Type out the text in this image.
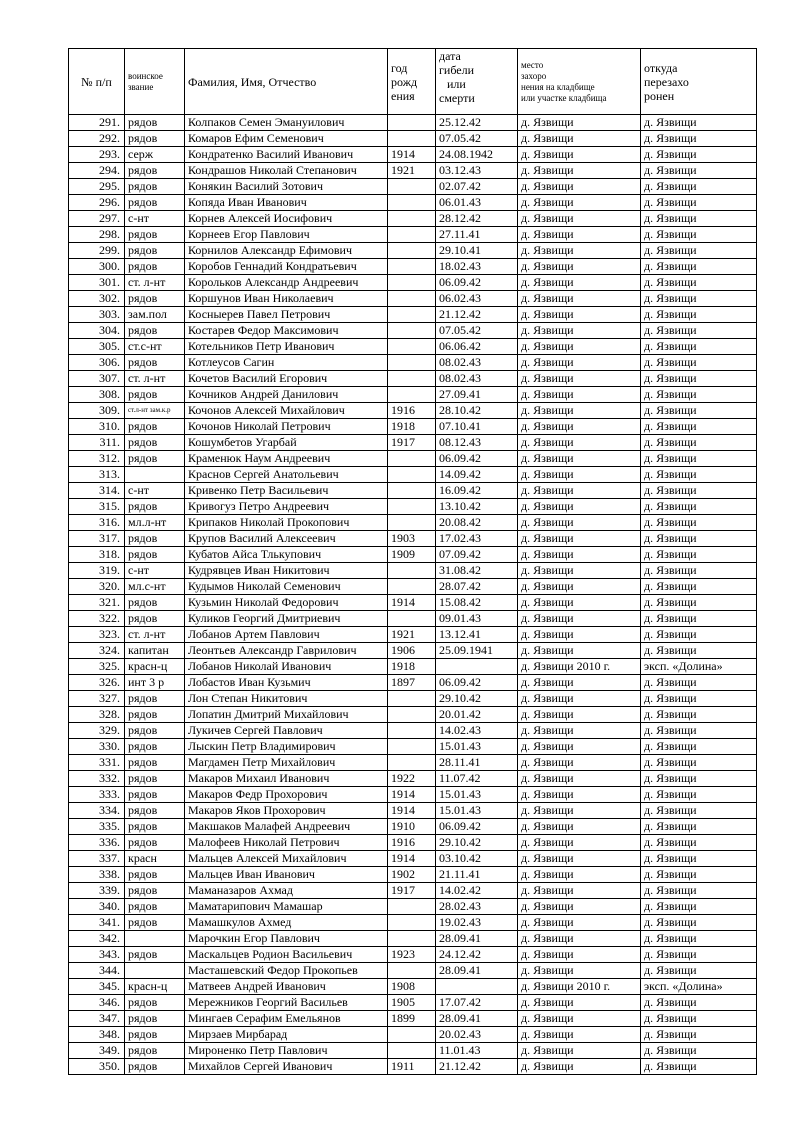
№ п/п	воинское
звание	Фамилия, Имя, Отчество	год
рожд
ения	дата
гибели
или
смерти	место
захоро
нения на кладбище
или участке кладбища	откуда
перезахо
ронен

291.	рядов	Колпаков Семен Эмануилович		25.12.42	д. Язвищи	д. Язвищи
292.	рядов	Комаров Ефим Семенович		07.05.42	д. Язвищи	д. Язвищи
293.	серж	Кондратенко Василий Иванович	1914	24.08.1942	д. Язвищи	д. Язвищи
294.	рядов	Кондрашов Николай Степанович	1921	03.12.43	д. Язвищи	д. Язвищи
295.	рядов	Конякин Василий Зотович		02.07.42	д. Язвищи	д. Язвищи
296.	рядов	Копяда Иван Иванович		06.01.43	д. Язвищи	д. Язвищи
297.	с-нт	Корнев Алексей Иосифович		28.12.42	д. Язвищи	д. Язвищи
298.	рядов	Корнеев Егор Павлович		27.11.41	д. Язвищи	д. Язвищи
299.	рядов	Корнилов Александр Ефимович		29.10.41	д. Язвищи	д. Язвищи
300.	рядов	Коробов Геннадий Кондратьевич		18.02.43	д. Язвищи	д. Язвищи
301.	ст. л-нт	Корольков Александр Андреевич		06.09.42	д. Язвищи	д. Язвищи
302.	рядов	Коршунов Иван Николаевич		06.02.43	д. Язвищи	д. Язвищи
303.	зам.пол	Косныерев Павел Петрович		21.12.42	д. Язвищи	д. Язвищи
304.	рядов	Костарев Федор Максимович		07.05.42	д. Язвищи	д. Язвищи
305.	ст.с-нт	Котельников Петр Иванович		06.06.42	д. Язвищи	д. Язвищи
306.	рядов	Котлеусов Сагин		08.02.43	д. Язвищи	д. Язвищи
307.	ст. л-нт	Кочетов Василий Егорович		08.02.43	д. Язвищи	д. Язвищи
308.	рядов	Кочников Андрей Данилович		27.09.41	д. Язвищи	д. Язвищи
309.	ст.л-нт зам.к.р	Кочонов Алексей Михайлович	1916	28.10.42	д. Язвищи	д. Язвищи
310.	рядов	Кочонов Николай Петрович	1918	07.10.41	д. Язвищи	д. Язвищи
311.	рядов	Кошумбетов Угарбай	1917	08.12.43	д. Язвищи	д. Язвищи
312.	рядов	Краменюк Наум Андреевич		06.09.42	д. Язвищи	д. Язвищи
313.		Краснов Сергей Анатольевич		14.09.42	д. Язвищи	д. Язвищи
314.	с-нт	Кривенко Петр Васильевич		16.09.42	д. Язвищи	д. Язвищи
315.	рядов	Кривогуз Петро Андреевич		13.10.42	д. Язвищи	д. Язвищи
316.	мл.л-нт	Крипаков Николай Прокопович		20.08.42	д. Язвищи	д. Язвищи
317.	рядов	Крупов Василий Алексеевич	1903	17.02.43	д. Язвищи	д. Язвищи
318.	рядов	Кубатов Айса Тлькупович	1909	07.09.42	д. Язвищи	д. Язвищи
319.	с-нт	Кудрявцев Иван Никитович		31.08.42	д. Язвищи	д. Язвищи
320.	мл.с-нт	Кудымов Николай Семенович		28.07.42	д. Язвищи	д. Язвищи
321.	рядов	Кузьмин Николай Федорович	1914	15.08.42	д. Язвищи	д. Язвищи
322.	рядов	Куликов Георгий Дмитриевич		09.01.43	д. Язвищи	д. Язвищи
323.	ст. л-нт	Лобанов Артем Павлович	1921	13.12.41	д. Язвищи	д. Язвищи
324.	капитан	Леонтьев Александр Гаврилович	1906	25.09.1941	д. Язвищи	д. Язвищи
325.	красн-ц	Лобанов Николай Иванович	1918		д. Язвищи 2010 г.	эксп. «Долина»
326.	инт 3 р	Лобастов Иван Кузьмич	1897	06.09.42	д. Язвищи	д. Язвищи
327.	рядов	Лон Степан Никитович		29.10.42	д. Язвищи	д. Язвищи
328.	рядов	Лопатин Дмитрий Михайлович		20.01.42	д. Язвищи	д. Язвищи
329.	рядов	Лукичев Сергей Павлович		14.02.43	д. Язвищи	д. Язвищи
330.	рядов	Лыскин Петр Владимирович		15.01.43	д. Язвищи	д. Язвищи
331.	рядов	Магдамен Петр Михайлович		28.11.41	д. Язвищи	д. Язвищи
332.	рядов	Макаров Михаил Иванович	1922	11.07.42	д. Язвищи	д. Язвищи
333.	рядов	Макаров Федр Прохорович	1914	15.01.43	д. Язвищи	д. Язвищи
334.	рядов	Макаров Яков Прохорович	1914	15.01.43	д. Язвищи	д. Язвищи
335.	рядов	Макшаков Малафей Андреевич	1910	06.09.42	д. Язвищи	д. Язвищи
336.	рядов	Малофеев Николай Петрович	1916	29.10.42	д. Язвищи	д. Язвищи
337.	красн	Мальцев Алексей Михайлович	1914	03.10.42	д. Язвищи	д. Язвищи
338.	рядов	Мальцев Иван Иванович	1902	21.11.41	д. Язвищи	д. Язвищи
339.	рядов	Маманазаров Ахмад	1917	14.02.42	д. Язвищи	д. Язвищи
340.	рядов	Маматарипович Мамашар		28.02.43	д. Язвищи	д. Язвищи
341.	рядов	Мамашкулов Ахмед		19.02.43	д. Язвищи	д. Язвищи
342.		Марочкин Егор Павлович		28.09.41	д. Язвищи	д. Язвищи
343.	рядов	Маскальцев Родион Васильевич	1923	24.12.42	д. Язвищи	д. Язвищи
344.		Масташевский Федор Прокопьев		28.09.41	д. Язвищи	д. Язвищи
345.	красн-ц	Матвеев Андрей Иванович	1908		д. Язвищи 2010 г.	эксп. «Долина»
346.	рядов	Мережников Георгий Васильев	1905	17.07.42	д. Язвищи	д. Язвищи
347.	рядов	Мингаев Серафим Емельянов	1899	28.09.41	д. Язвищи	д. Язвищи
348.	рядов	Мирзаев Мирбарад		20.02.43	д. Язвищи	д. Язвищи
349.	рядов	Мироненко Петр Павлович		11.01.43	д. Язвищи	д. Язвищи
350.	рядов	Михайлов Сергей Иванович	1911	21.12.42	д. Язвищи	д. Язвищи
